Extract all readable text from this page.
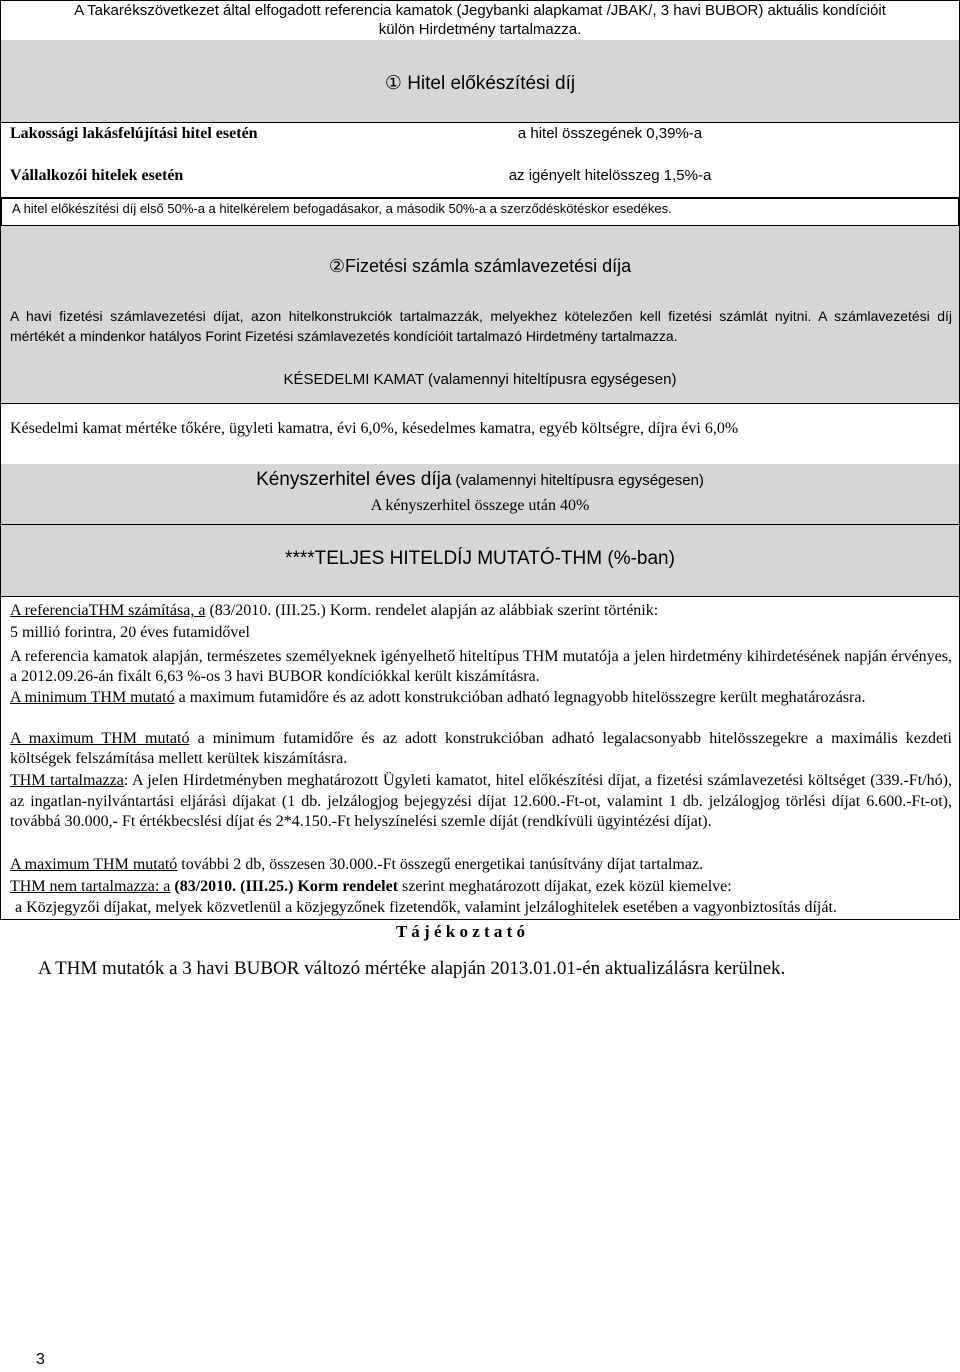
A Takarékszövetkezet által elfogadott referencia kamatok (Jegybanki alapkamat /JBAK/, 3 havi BUBOR) aktuális kondícióit
külön Hirdetmény tartalmazza.
① Hitel előkészítési díj
Lakossági lakásfelújítási hitel esetén	a hitel összegének 0,39%-a
Vállalkozói hitelek esetén	az igényelt hitelösszeg 1,5%-a
A hitel előkészítési díj első 50%-a a hitelkérelem befogadásakor, a második 50%-a a szerződéskötéskor esedékes.
②Fizetési számla számlavezetési díja
A havi fizetési számlavezetési díjat, azon hitelkonstrukciók tartalmazzák, melyekhez kötelezően kell fizetési számlát nyitni. A számlavezetési díj mértékét a mindenkor hatályos Forint Fizetési számlavezetés kondícióit tartalmazó Hirdetmény tartalmazza.
KÉSEDELMI KAMAT (valamennyi hiteltípusra egységesen)
Késedelmi kamat mértéke tőkére, ügyleti kamatra, évi 6,0%, késedelmes kamatra, egyéb költségre, díjra évi 6,0%
Kényszerhitel éves díja (valamennyi hiteltípusra egységesen)
A kényszerhitel összege után 40%
****TELJES HITELDÍJ MUTATÓ-THM (%-ban)
A referenciaTHM számítása, a (83/2010. (III.25.) Korm. rendelet alapján az alábbiak szerint történik:
5 millió forintra, 20 éves futamidővel
A referencia kamatok alapján, természetes személyeknek igényelhető hiteltípus THM mutatója a jelen hirdetmény kihirdetésének napján érvényes, a 2012.09.26-án fixált 6,63 %-os 3 havi BUBOR kondíciókkal került kiszámításra.
A minimum THM mutató a maximum futamidőre és az adott konstrukcióban adható legnagyobb hitelösszegre került meghatározásra.
A maximum THM mutató a minimum futamidőre és az adott konstrukcióban adható legalacsonyabb hitelösszegekre a maximális kezdeti költségek felszámítása mellett kerültek kiszámításra.
THM tartalmazza: A jelen Hirdetményben meghatározott Ügyleti kamatot, hitel előkészítési díjat, a fizetési számlavezetési költséget (339.-Ft/hó), az ingatlan-nyilvántartási eljárási díjakat (1 db. jelzálogjog bejegyzési díjat 12.600.-Ft-ot, valamint 1 db. jelzálogjog törlési díjat 6.600.-Ft-ot), továbbá 30.000,- Ft értékbecslési díjat és 2*4.150.-Ft helyszínelési szemle díját (rendkívüli ügyintézési díjat).
A maximum THM mutató további 2 db, összesen 30.000.-Ft összegű energetikai tanúsítvány díjat tartalmaz.
THM nem tartalmazza: a (83/2010. (III.25.) Korm rendelet szerint meghatározott díjakat, ezek közül kiemelve:
a Közjegyzői díjakat, melyek közvetlenül a közjegyzőnek fizetendők, valamint jelzáloghitelek esetében a vagyonbiztosítás díját.
T á j é k o z t a t ó
A THM mutatók a 3 havi BUBOR változó mértéke alapján 2013.01.01-én aktualizálásra kerülnek.
3
